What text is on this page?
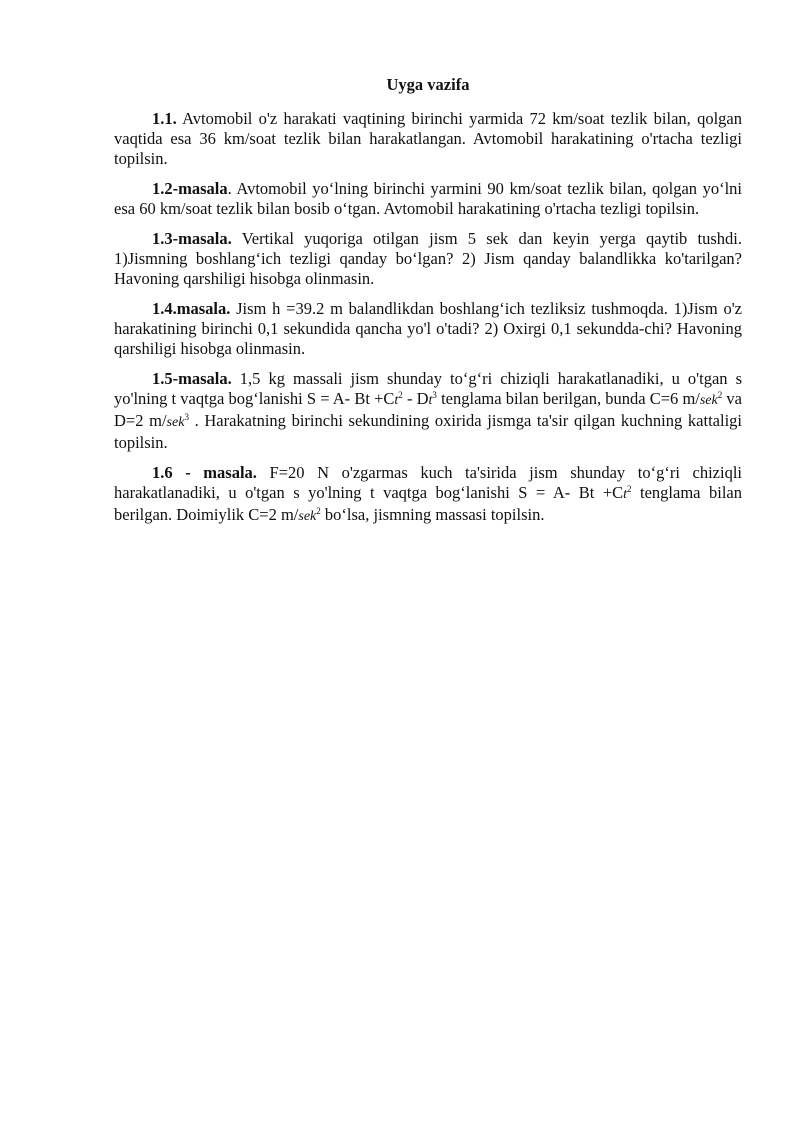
Uyga vazifa

1.1. Avtomobil o'z harakati vaqtining birinchi yarmida 72 km/soat tezlik bilan, qolgan vaqtida esa 36 km/soat tezlik bilan harakatlangan. Avtomobil harakatining o'rtacha tezligi topilsin.

1.2-masala. Avtomobil yo‘lning birinchi yarmini 90 km/soat tezlik bilan, qolgan yo‘lni esa 60 km/soat tezlik bilan bosib o‘tgan. Avtomobil harakatining o'rtacha tezligi topilsin.

1.3-masala. Vertikal yuqoriga otilgan jism 5 sek dan keyin yerga qaytib tushdi. 1)Jismning boshlang‘ich tezligi qanday bo‘lgan? 2) Jism qanday balandlikka ko'tarilgan? Havoning qarshiligi hisobga olinmasin.

1.4.masala. Jism h =39.2 m balandlikdan boshlang‘ich tezliksiz tushmoqda. 1)Jism o'z harakatining birinchi 0,1 sekundida qancha yo'l o'tadi? 2) Oxirgi 0,1 sekundda-chi? Havoning qarshiligi hisobga olinmasin.

1.5-masala. 1,5 kg massali jism shunday to‘g‘ri chiziqli harakatlanadiki, u o'tgan s yo'lning t vaqtga bog‘lanishi S = A- $Bt +Ct^2 - Dt^3$ tenglama bilan berilgan, bunda C=6 m/sek$^2$ va D=2 m/sek$^3$ . Harakatning birinchi sekundining oxirida jismga ta'sir qilgan kuchning kattaligi topilsin.

1.6 - masala. F=20 N o'zgarmas kuch ta'sirida jism shunday to‘g‘ri chiziqli harakatlanadiki, u o'tgan s yo'lning t vaqtga bog‘lanishi S = A- $Bt +Ct^2$ tenglama bilan berilgan. Doimiylik C=2 m/sek$^2$ bo‘lsa, jismning massasi topilsin.
